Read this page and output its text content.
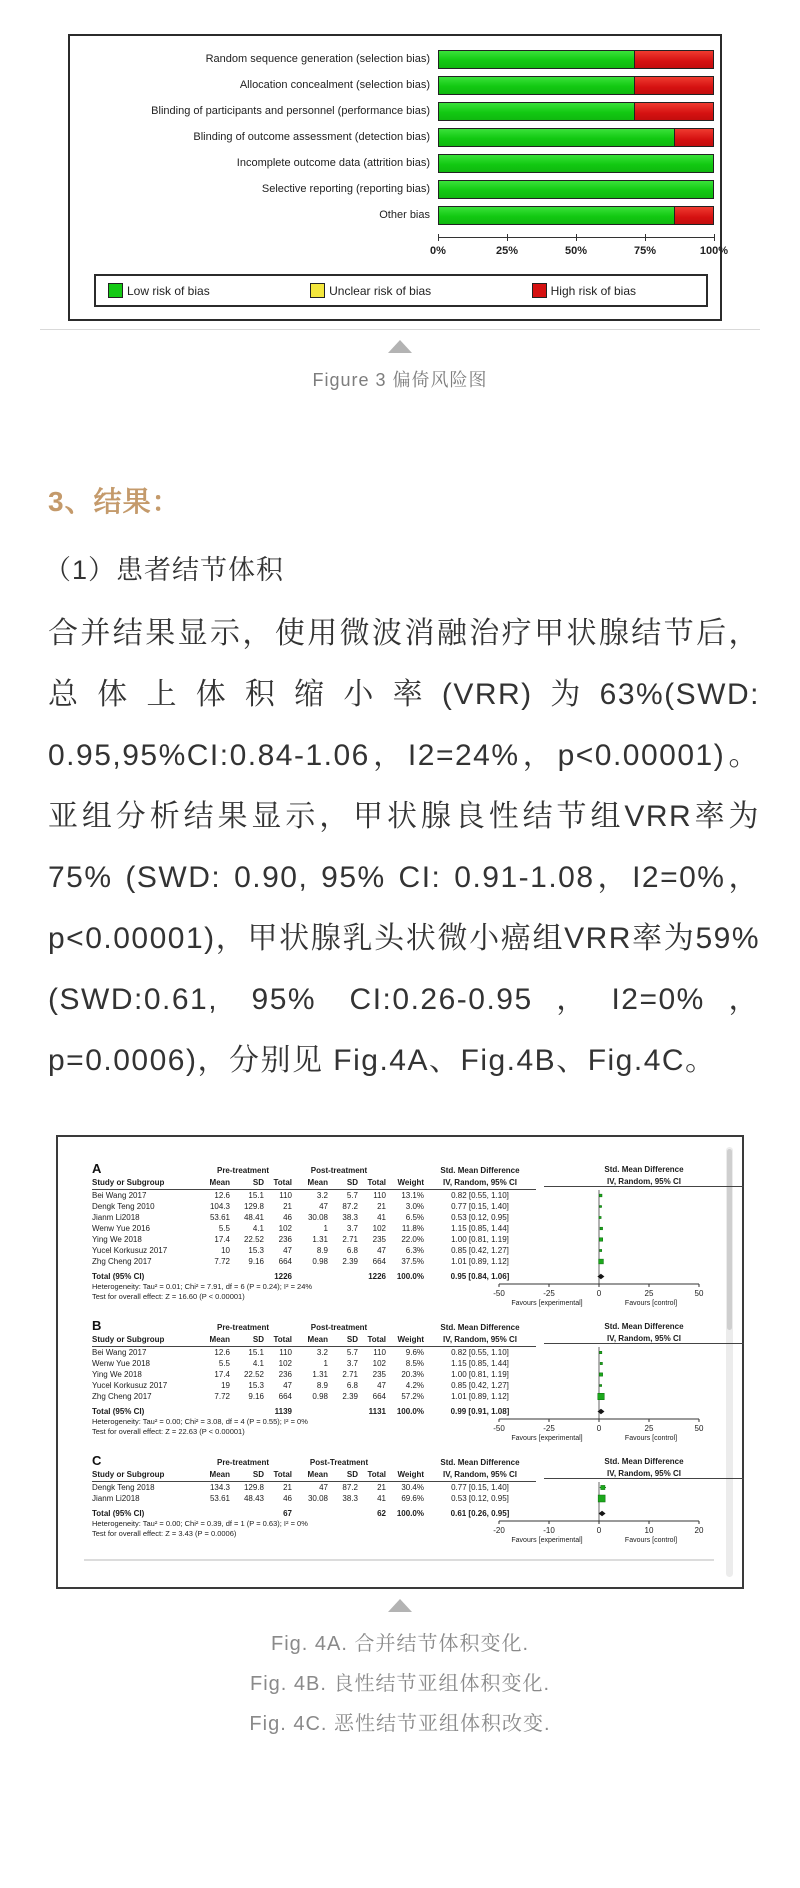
Random sequence generation (selection bias)
Allocation concealment (selection bias)
Blinding of participants and personnel (performance bias)
Blinding of outcome assessment (detection bias)
Incomplete outcome data (attrition bias)
Selective reporting (reporting bias)
Other bias
0%	25%	50%	75%	100%
Low risk of bias	Unclear risk of bias	High risk of bias
Figure 3 偏倚风险图
3、结果：
（1）患者结节体积

合并结果显示，使用微波消融治疗甲状腺结节后，总体上体积缩小率(VRR)为63%(SWD: 0.95,95%CI:0.84-1.06，I2=24%，p<0.00001)。亚组分析结果显示，甲状腺良性结节组VRR率为75% (SWD: 0.90, 95% CI: 0.91-1.08，I2=0%，p<0.00001)，甲状腺乳头状微小癌组VRR率为59% (SWD:0.61, 95% CI:0.26-0.95，I2=0%，p=0.0006)，分别见 Fig.4A、Fig.4B、Fig.4C。

A	Pre-treatment	Post-treatment	Std. Mean Difference	Std. Mean Difference
Study or Subgroup	Mean	SD	Total	Mean	SD	Total	Weight	IV, Random, 95% CI	IV, Random, 95% CI
Bei Wang 2017	12.6	15.1	110	3.2	5.7	110	13.1%	0.82 [0.55, 1.10]
Dengk Teng 2010	104.3	129.8	21	47	87.2	21	3.0%	0.77 [0.15, 1.40]
Jianm Li2018	53.61	48.41	46	30.08	38.3	41	6.5%	0.53 [0.12, 0.95]
Wenw Yue 2016	5.5	4.1	102	1	3.7	102	11.8%	1.15 [0.85, 1.44]
Ying We 2018	17.4	22.52	236	1.31	2.71	235	22.0%	1.00 [0.81, 1.19]
Yucel Korkusuz 2017	10	15.3	47	8.9	6.8	47	6.3%	0.85 [0.42, 1.27]
Zhg Cheng 2017	7.72	9.16	664	0.98	2.39	664	37.5%	1.01 [0.89, 1.12]
Total (95% CI)	1226	1226	100.0%	0.95 [0.84, 1.06]
Heterogeneity: Tau² = 0.01; Chi² = 7.91, df = 6 (P = 0.24); I² = 24%
Test for overall effect: Z = 16.60 (P < 0.00001)	-50	-25	0	25	50
Favours [experimental]	Favours [control]
B	Pre-treatment	Post-treatment	Std. Mean Difference	Std. Mean Difference
Study or Subgroup	Mean	SD	Total	Mean	SD	Total	Weight	IV, Random, 95% CI	IV, Random, 95% CI
Bei Wang 2017	12.6	15.1	110	3.2	5.7	110	9.6%	0.82 [0.55, 1.10]
Wenw Yue 2018	5.5	4.1	102	1	3.7	102	8.5%	1.15 [0.85, 1.44]
Ying We 2018	17.4	22.52	236	1.31	2.71	235	20.3%	1.00 [0.81, 1.19]
Yucel Korkusuz 2017	19	15.3	47	8.9	6.8	47	4.2%	0.85 [0.42, 1.27]
Zhg Cheng 2017	7.72	9.16	664	0.98	2.39	664	57.2%	1.01 [0.89, 1.12]
Total (95% CI)	1139	1131	100.0%	0.99 [0.91, 1.08]
Heterogeneity: Tau² = 0.00; Chi² = 3.08, df = 4 (P = 0.55); I² = 0%
Test for overall effect: Z = 22.63 (P < 0.00001)	-50	-25	0	25	50
Favours [experimental]	Favours [control]
C	Pre-treatment	Post-Treatment	Std. Mean Difference	Std. Mean Difference
Study or Subgroup	Mean	SD	Total	Mean	SD	Total	Weight	IV, Random, 95% CI	IV, Random, 95% CI
Dengk Teng 2018	134.3	129.8	21	47	87.2	21	30.4%	0.77 [0.15, 1.40]
Jianm Li2018	53.61	48.43	46	30.08	38.3	41	69.6%	0.53 [0.12, 0.95]
Total (95% CI)	67	62	100.0%	0.61 [0.26, 0.95]
Heterogeneity: Tau² = 0.00; Chi² = 0.39, df = 1 (P = 0.63); I² = 0%
Test for overall effect: Z = 3.43 (P = 0.0006)	-20	-10	0	10	20
Favours [experimental]	Favours [control]
Fig. 4A. 合并结节体积变化.
Fig. 4B. 良性结节亚组体积变化.
Fig. 4C. 恶性结节亚组体积改变.
